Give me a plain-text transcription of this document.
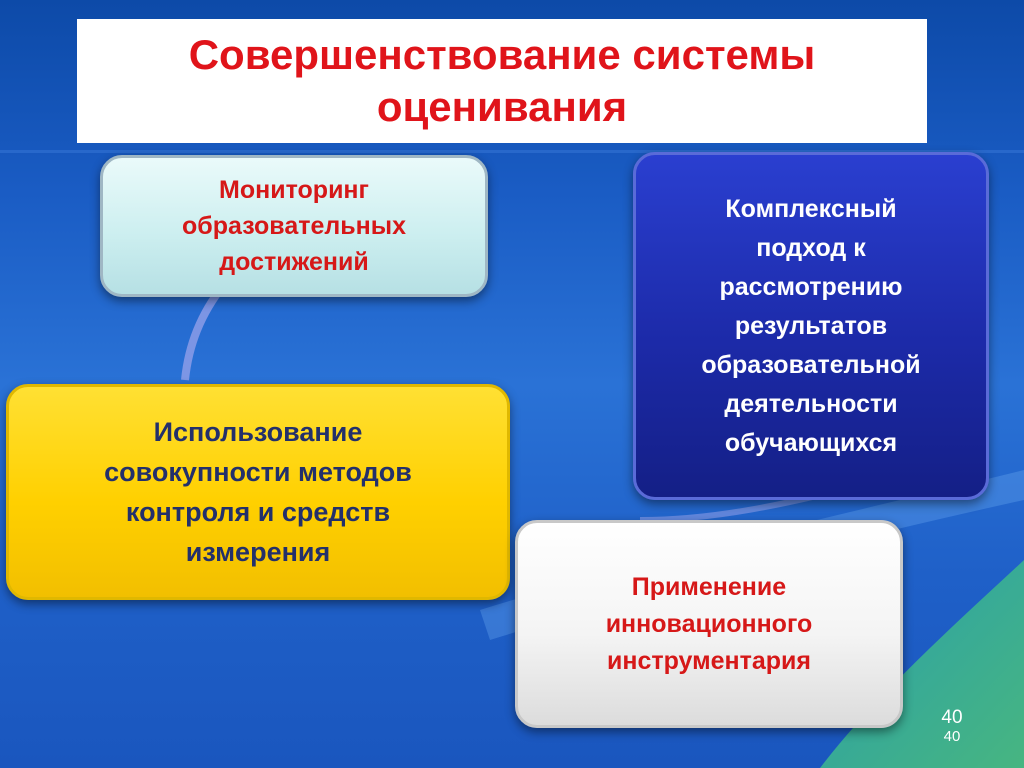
Совершенствование системы
оценивания
Мониторинг
образовательных
достижений
Комплексный
подход к
рассмотрению
результатов
образовательной
деятельности
обучающихся
Использование
совокупности методов
контроля и средств
измерения
Применение
инновационного
инструментария
40
40
